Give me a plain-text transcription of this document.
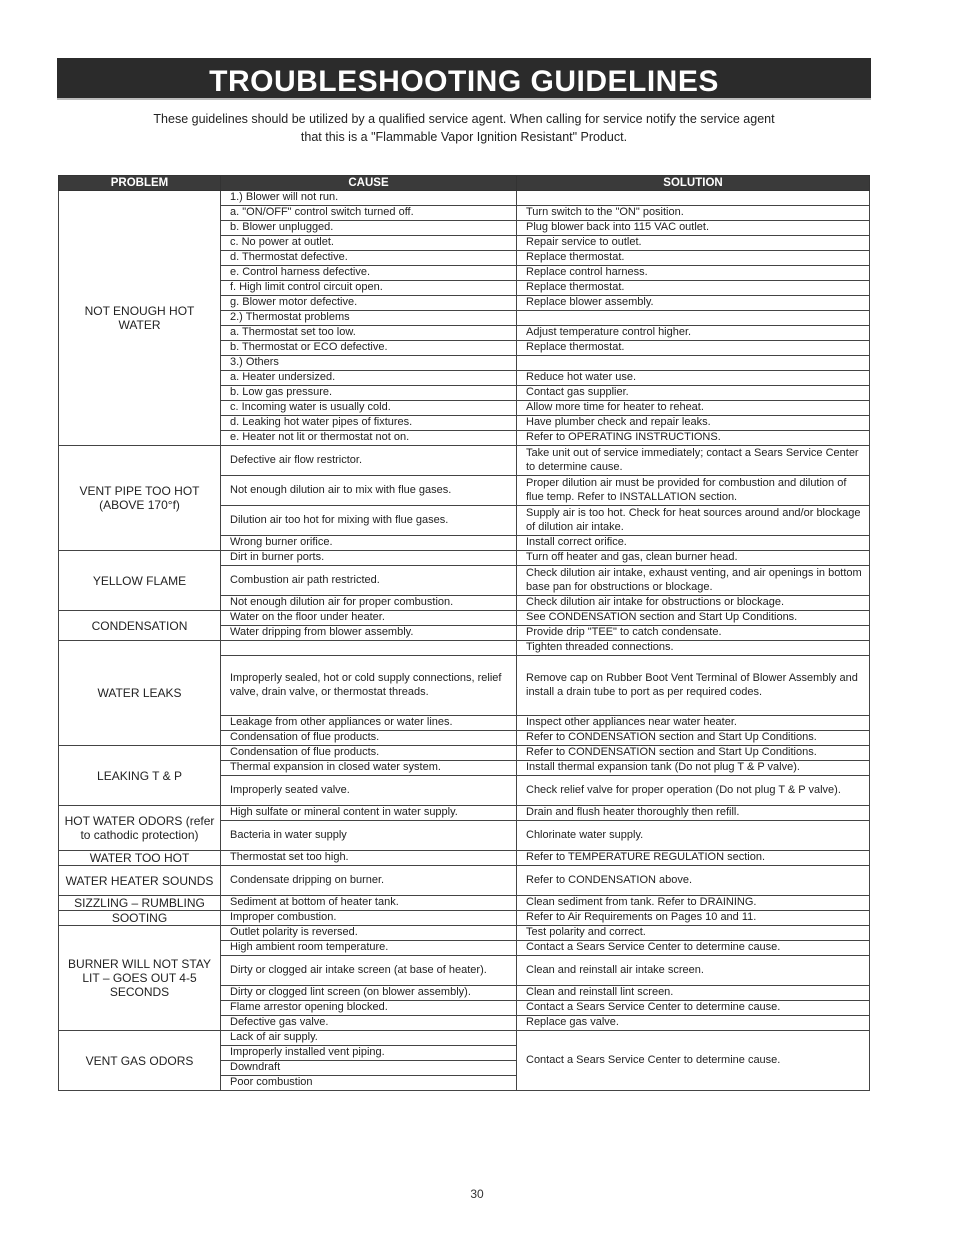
TROUBLESHOOTING GUIDELINES
These guidelines should be utilized by a qualified service agent. When calling for service notify the service agent
that this is a "Flammable Vapor Ignition Resistant" Product.
PROBLEM	CAUSE	SOLUTION
NOT ENOUGH HOT WATER	1.) Blower will not run.	
	a. "ON/OFF" control switch turned off.	Turn switch to the "ON" position.
	b. Blower unplugged.	Plug blower back into 115 VAC outlet.
	c. No power at outlet.	Repair service to outlet.
	d. Thermostat defective.	Replace thermostat.
	e. Control harness defective.	Replace control harness.
	f. High limit control circuit open.	Replace thermostat.
	g. Blower motor defective.	Replace blower assembly.
	2.) Thermostat problems	
	a. Thermostat set too low.	Adjust temperature control higher.
	b. Thermostat or ECO defective.	Replace thermostat.
	3.) Others	
	a. Heater undersized.	Reduce hot water use.
	b. Low gas pressure.	Contact gas supplier.
	c. Incoming water is usually cold.	Allow more time for heater to reheat.
	d. Leaking hot water pipes of fixtures.	Have plumber check and repair leaks.
	e. Heater not lit or thermostat not on.	Refer to OPERATING INSTRUCTIONS.
VENT PIPE TOO HOT (ABOVE 170°f)	Defective air flow restrictor.	Take unit out of service immediately; contact a Sears Service Center to determine cause.
	Not enough dilution air to mix with flue gases.	Proper dilution air must be provided for combustion and dilution of flue temp. Refer to INSTALLATION section.
	Dilution air too hot for mixing with flue gases.	Supply air is too hot. Check for heat sources around and/or blockage of dilution air intake.
	Wrong burner orifice.	Install correct orifice.
YELLOW FLAME	Dirt in burner ports.	Turn off heater and gas, clean burner head.
	Combustion air path restricted.	Check dilution air intake, exhaust venting, and air openings in bottom base pan for obstructions or blockage.
	Not enough dilution air for proper combustion.	Check dilution air intake for obstructions or blockage.
CONDENSATION	Water on the floor under heater.	See CONDENSATION section and Start Up Conditions.
	Water dripping from blower assembly.	Provide drip "TEE" to catch condensate.
WATER LEAKS		Tighten threaded connections.
	Improperly sealed, hot or cold supply connections, relief valve, drain valve, or thermostat threads.	Remove cap on Rubber Boot Vent Terminal of Blower Assembly and install a drain tube to port as per required codes.
	Leakage from other appliances or water lines.	Inspect other appliances near water heater.
	Condensation of flue products.	Refer to CONDENSATION section and Start Up Conditions.
LEAKING T & P	Condensation of flue products.	Refer to CONDENSATION section and Start Up Conditions.
	Thermal expansion in closed water system.	Install thermal expansion tank (Do not plug T & P valve).
	Improperly seated valve.	Check relief valve for proper operation (Do not plug T & P valve).
HOT WATER ODORS (refer to cathodic protection)	High sulfate or mineral content in water supply.	Drain and flush heater thoroughly then refill.
	Bacteria in water supply	Chlorinate water supply.
WATER TOO HOT	Thermostat set too high.	Refer to TEMPERATURE REGULATION section.
WATER HEATER SOUNDS	Condensate dripping on burner.	Refer to CONDENSATION above.
SIZZLING – RUMBLING	Sediment at bottom of heater tank.	Clean sediment from tank. Refer to DRAINING.
SOOTING	Improper combustion.	Refer to Air Requirements on Pages 10 and 11.
BURNER WILL NOT STAY LIT – GOES OUT 4-5 SECONDS	Outlet polarity is reversed.	Test polarity and correct.
	High ambient room temperature.	Contact a Sears Service Center to determine cause.
	Dirty or clogged air intake screen (at base of heater).	Clean and reinstall air intake screen.
	Dirty or clogged lint screen (on blower assembly).	Clean and reinstall lint screen.
	Flame arrestor opening blocked.	Contact a Sears Service Center to determine cause.
	Defective gas valve.	Replace gas valve.
VENT GAS ODORS	Lack of air supply.	Contact a Sears Service Center to determine cause.
	Improperly installed vent piping.	
	Downdraft	
	Poor combustion	
30
